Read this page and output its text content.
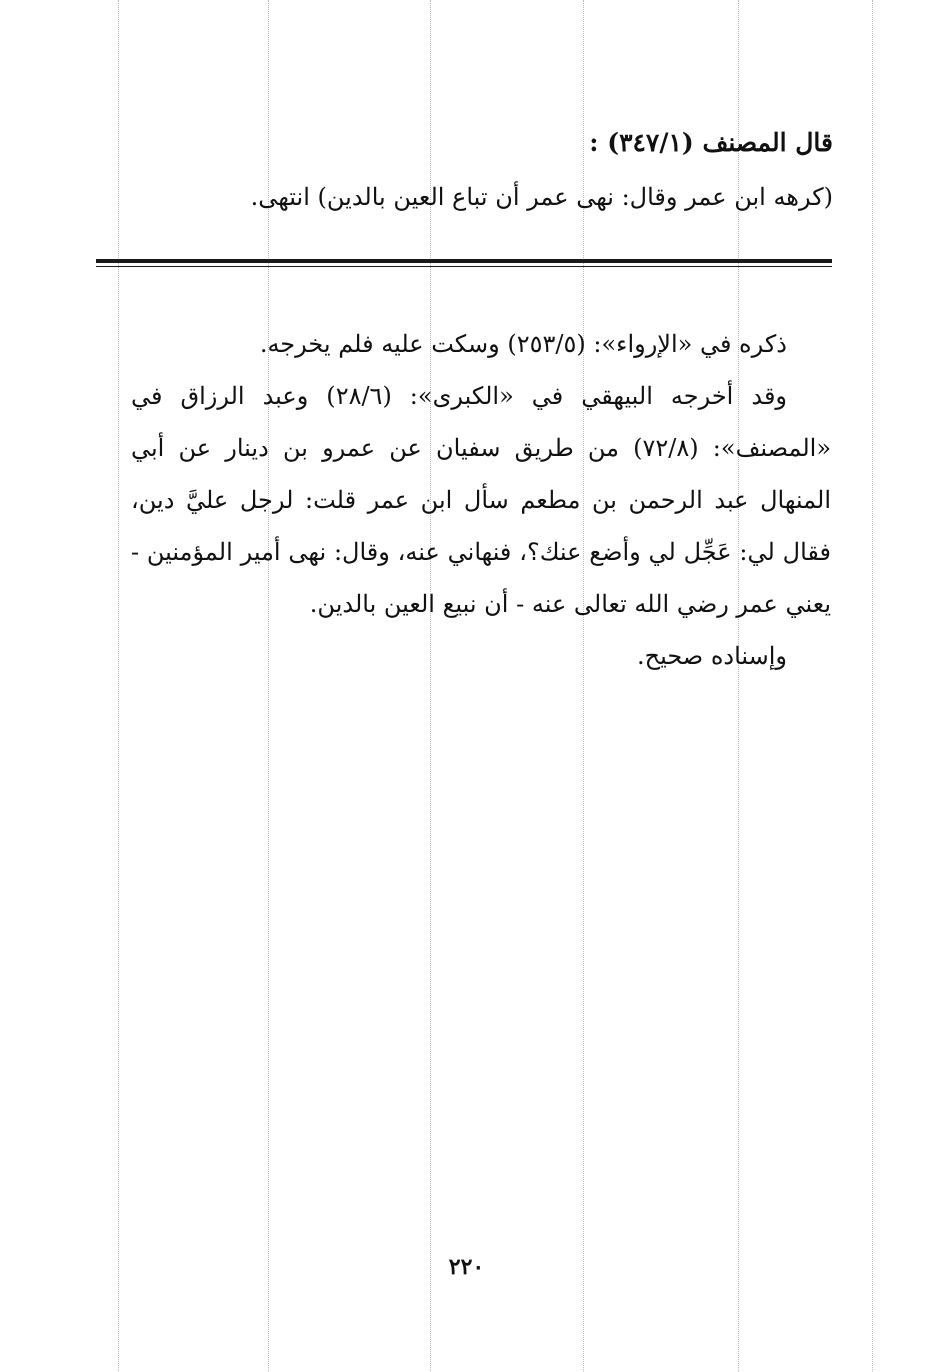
قال المصنف (٣٤٧/١) :
(كرهه ابن عمر وقال: نهى عمر أن تباع العين بالدين) انتهى.

ذكره في «الإرواء»: (٢٥٣/٥) وسكت عليه فلم يخرجه.

وقد أخرجه البيهقي في «الكبرى»: (٢٨/٦) وعبد الرزاق في «المصنف»: (٧٢/٨) من طريق سفيان عن عمرو بن دينار عن أبي المنهال عبد الرحمن بن مطعم سأل ابن عمر قلت: لرجل عليَّ دين، فقال لي: عَجِّل لي وأضع عنك؟، فنهاني عنه، وقال: نهى أمير المؤمنين - يعني عمر رضي الله تعالى عنه - أن نبيع العين بالدين.

وإسناده صحيح.

٢٢٠
